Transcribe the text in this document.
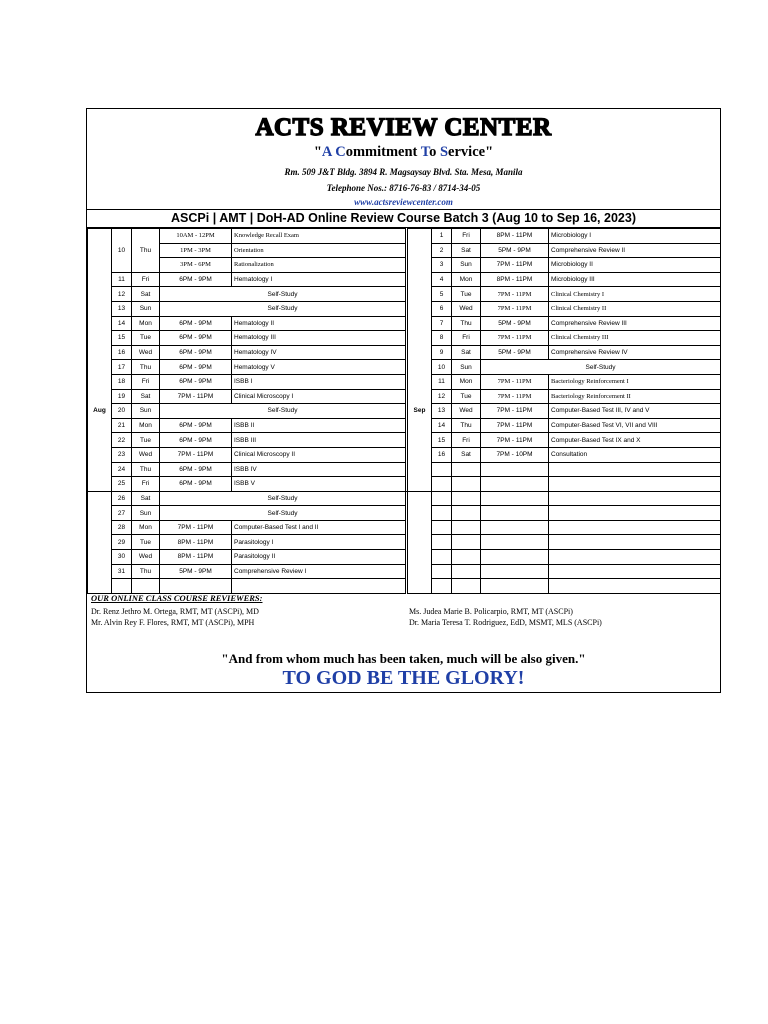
ACTS REVIEW CENTER
"A Commitment To Service"
Rm. 509 J&T Bldg. 3894 R. Magsaysay Blvd. Sta. Mesa, Manila
Telephone Nos.: 8716-76-83 / 8714-34-05
www.actsreviewcenter.com
ASCPi | AMT | DoH-AD Online Review Course Batch 3 (Aug 10 to Sep 16, 2023)
Aug	10	Thu	10AM - 12PM	Knowledge Recall Exam
			1PM - 3PM	Orientation
			3PM - 6PM	Rationalization
	11	Fri	6PM - 9PM	Hematology I
	12	Sat	Self-Study	
	13	Sun	Self-Study	
	14	Mon	6PM - 9PM	Hematology II
	15	Tue	6PM - 9PM	Hematology III
	16	Wed	6PM - 9PM	Hematology IV
	17	Thu	6PM - 9PM	Hematology V
	18	Fri	6PM - 9PM	ISBB I
	19	Sat	7PM - 11PM	Clinical Microscopy I
	20	Sun	Self-Study	
	21	Mon	6PM - 9PM	ISBB II
	22	Tue	6PM - 9PM	ISBB III
	23	Wed	7PM - 11PM	Clinical Microscopy II
	24	Thu	6PM - 9PM	ISBB IV
	25	Fri	6PM - 9PM	ISBB V
	26	Sat	Self-Study	
	27	Sun	Self-Study	
	28	Mon	7PM - 11PM	Computer-Based Test I and II
	29	Tue	8PM - 11PM	Parasitology I
	30	Wed	8PM - 11PM	Parasitology II
	31	Thu	5PM - 9PM	Comprehensive Review I

Sep	1	Fri	8PM - 11PM	Microbiology I
	2	Sat	5PM - 9PM	Comprehensive Review II
	3	Sun	7PM - 11PM	Microbiology II
	4	Mon	8PM - 11PM	Microbiology III
	5	Tue	7PM - 11PM	Clinical Chemistry I
	6	Wed	7PM - 11PM	Clinical Chemistry II
	7	Thu	5PM - 9PM	Comprehensive Review III
	8	Fri	7PM - 11PM	Clinical Chemistry III
	9	Sat	5PM - 9PM	Comprehensive Review IV
	10	Sun	Self-Study	
	11	Mon	7PM - 11PM	Bacteriology Reinforcement I
	12	Tue	7PM - 11PM	Bacteriology Reinforcement II
	13	Wed	7PM - 11PM	Computer-Based Test III, IV and V
	14	Thu	7PM - 11PM	Computer-Based Test VI, VII and VIII
	15	Fri	7PM - 11PM	Computer-Based Test IX and X
	16	Sat	7PM - 10PM	Consultation

OUR ONLINE CLASS COURSE REVIEWERS:
Dr. Renz Jethro M. Ortega, RMT, MT (ASCPi), MD
Mr. Alvin Rey F. Flores, RMT, MT (ASCPi), MPH
Ms. Judea Marie B. Policarpio, RMT, MT (ASCPi)
Dr. Maria Teresa T. Rodriguez, EdD, MSMT, MLS (ASCPi)
"And from whom much has been taken, much will be also given."
TO GOD BE THE GLORY!
